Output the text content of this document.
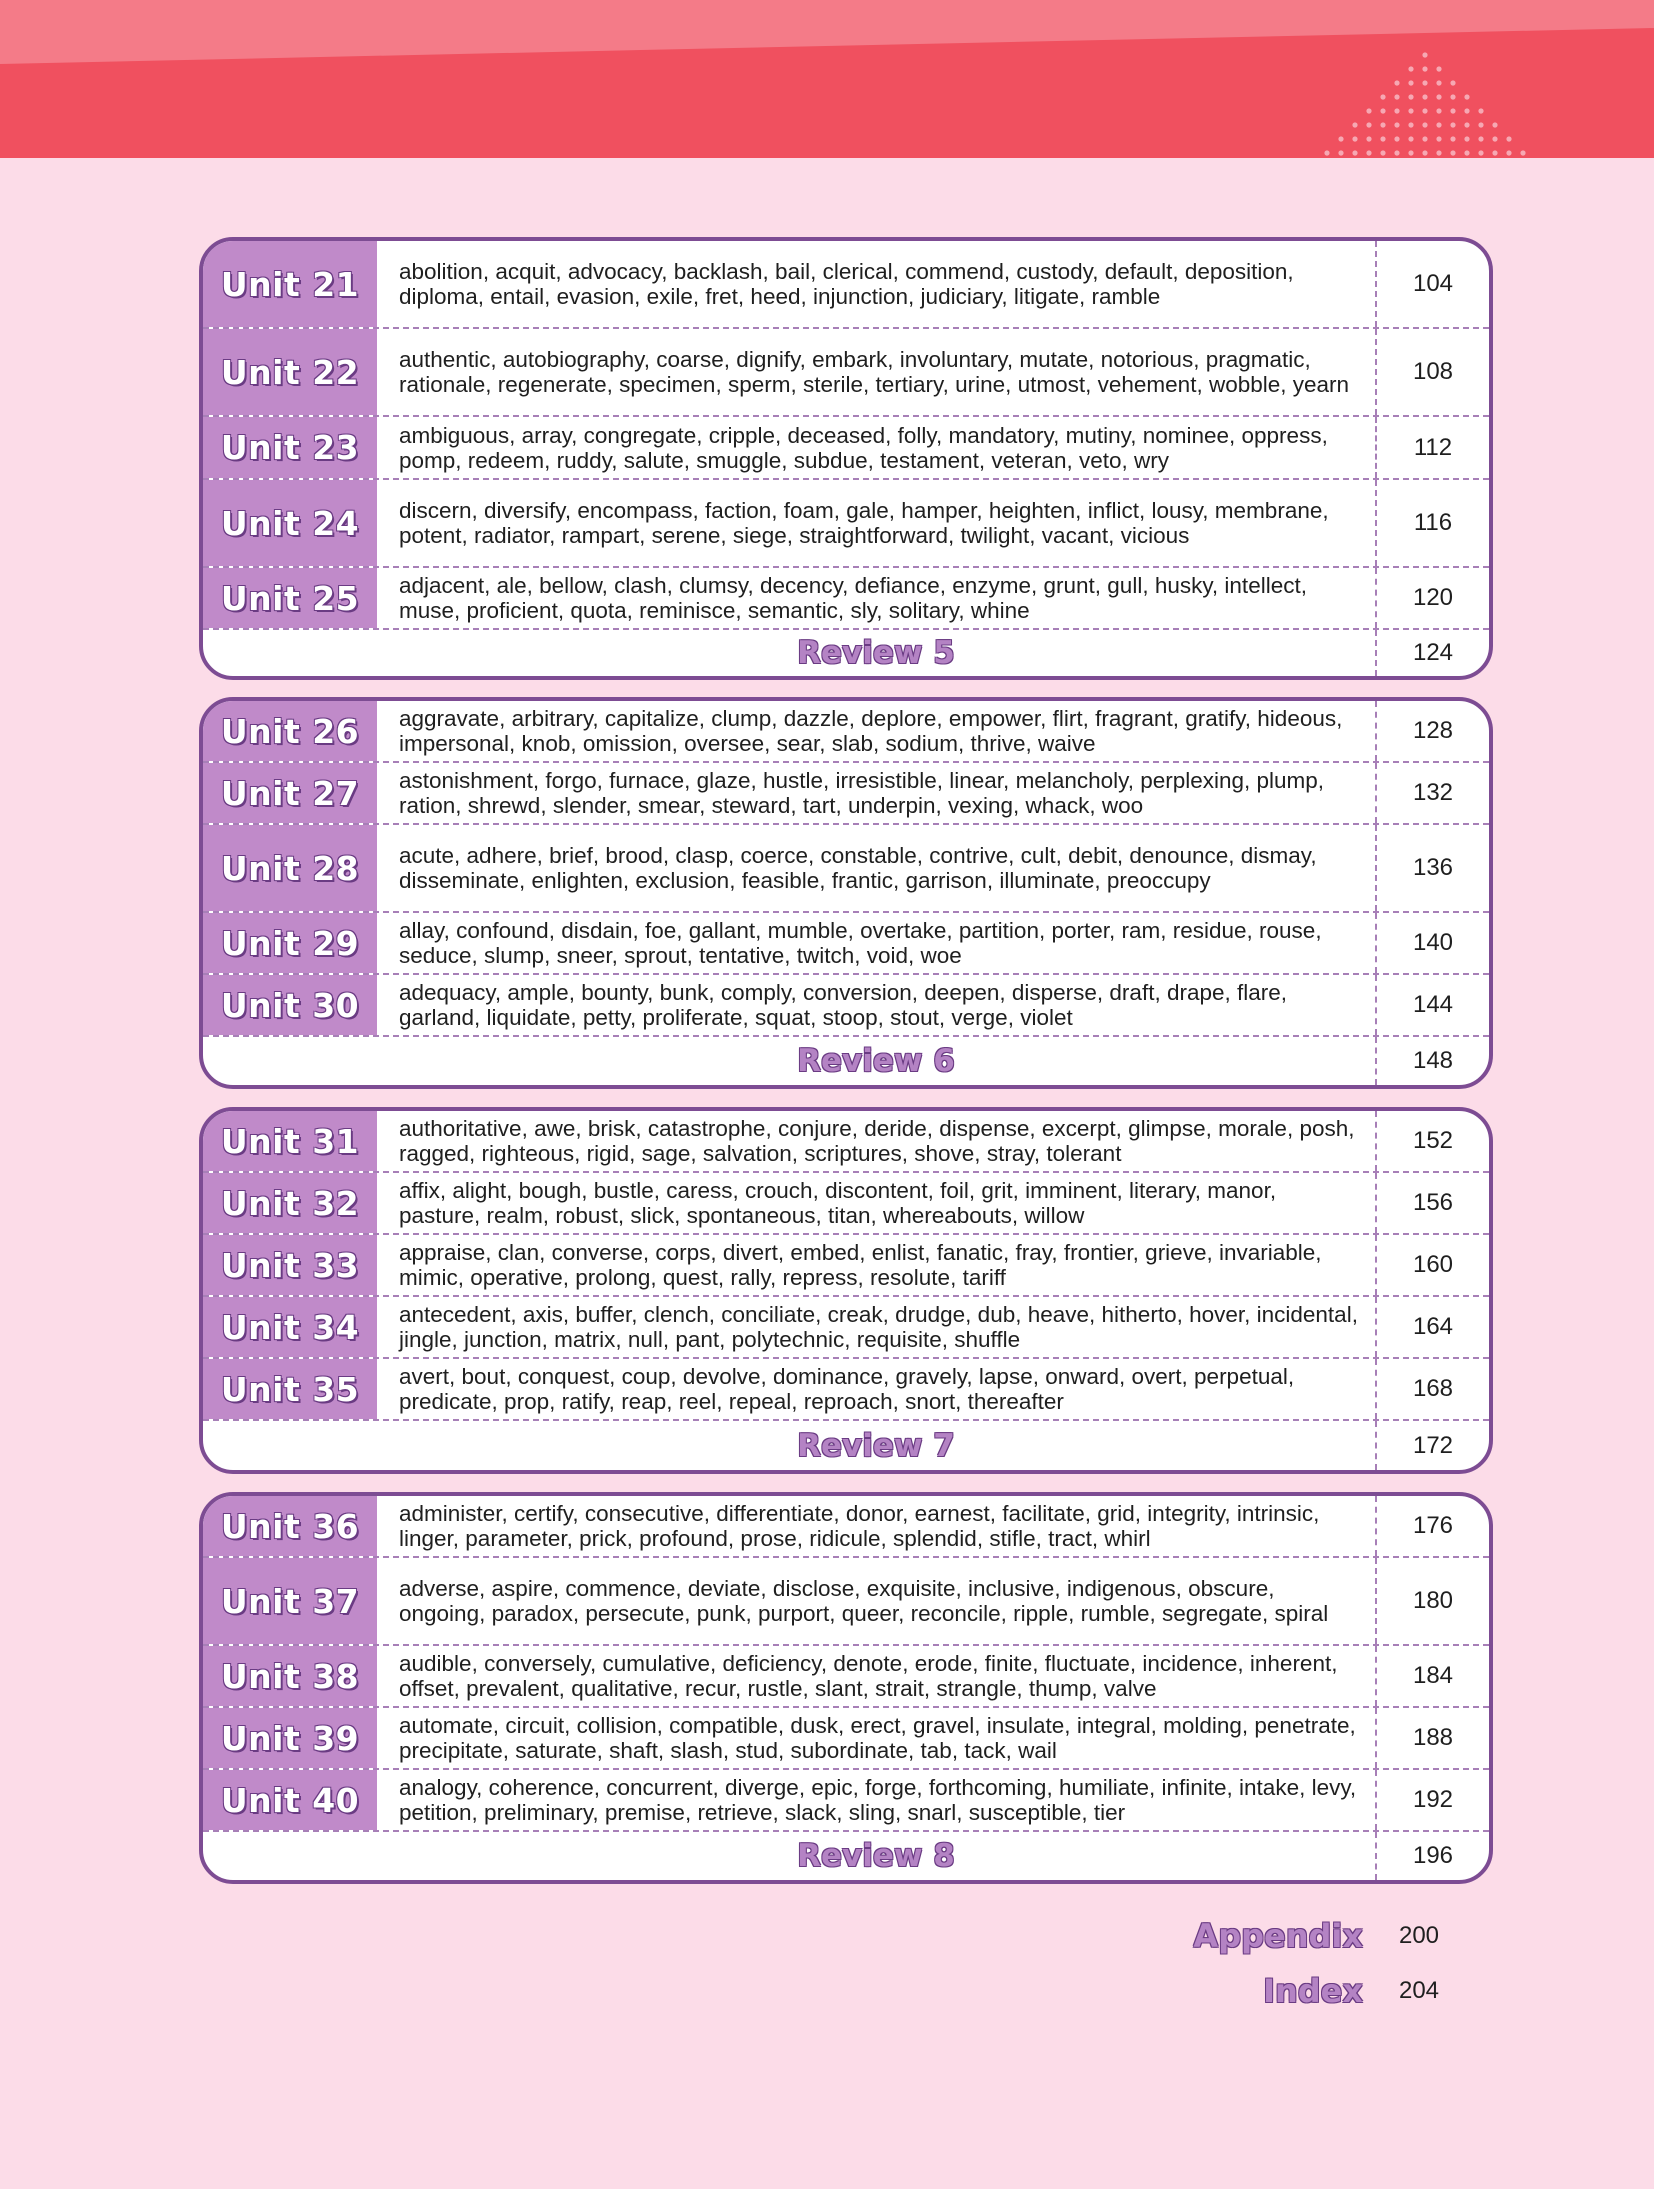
Unit 21	abolition, acquit, advocacy, backlash, bail, clerical, commend, custody, default, deposition, diploma, entail, evasion, exile, fret, heed, injunction, judiciary, litigate, ramble	104
Unit 22	authentic, autobiography, coarse, dignify, embark, involuntary, mutate, notorious, pragmatic, rationale, regenerate, specimen, sperm, sterile, tertiary, urine, utmost, vehement, wobble, yearn	108
Unit 23	ambiguous, array, congregate, cripple, deceased, folly, mandatory, mutiny, nominee, oppress, pomp, redeem, ruddy, salute, smuggle, subdue, testament, veteran, veto, wry	112
Unit 24	discern, diversify, encompass, faction, foam, gale, hamper, heighten, inflict, lousy, membrane, potent, radiator, rampart, serene, siege, straightforward, twilight, vacant, vicious	116
Unit 25	adjacent, ale, bellow, clash, clumsy, decency, defiance, enzyme, grunt, gull, husky, intellect, muse, proficient, quota, reminisce, semantic, sly, solitary, whine	120
Review 5	124
Unit 26	aggravate, arbitrary, capitalize, clump, dazzle, deplore, empower, flirt, fragrant, gratify, hideous, impersonal, knob, omission, oversee, sear, slab, sodium, thrive, waive	128
Unit 27	astonishment, forgo, furnace, glaze, hustle, irresistible, linear, melancholy, perplexing, plump, ration, shrewd, slender, smear, steward, tart, underpin, vexing, whack, woo	132
Unit 28	acute, adhere, brief, brood, clasp, coerce, constable, contrive, cult, debit, denounce, dismay, disseminate, enlighten, exclusion, feasible, frantic, garrison, illuminate, preoccupy	136
Unit 29	allay, confound, disdain, foe, gallant, mumble, overtake, partition, porter, ram, residue, rouse, seduce, slump, sneer, sprout, tentative, twitch, void, woe	140
Unit 30	adequacy, ample, bounty, bunk, comply, conversion, deepen, disperse, draft, drape, flare, garland, liquidate, petty, proliferate, squat, stoop, stout, verge, violet	144
Review 6	148
Unit 31	authoritative, awe, brisk, catastrophe, conjure, deride, dispense, excerpt, glimpse, morale, posh, ragged, righteous, rigid, sage, salvation, scriptures, shove, stray, tolerant	152
Unit 32	affix, alight, bough, bustle, caress, crouch, discontent, foil, grit, imminent, literary, manor, pasture, realm, robust, slick, spontaneous, titan, whereabouts, willow	156
Unit 33	appraise, clan, converse, corps, divert, embed, enlist, fanatic, fray, frontier, grieve, invariable, mimic, operative, prolong, quest, rally, repress, resolute, tariff	160
Unit 34	antecedent, axis, buffer, clench, conciliate, creak, drudge, dub, heave, hitherto, hover, incidental, jingle, junction, matrix, null, pant, polytechnic, requisite, shuffle	164
Unit 35	avert, bout, conquest, coup, devolve, dominance, gravely, lapse, onward, overt, perpetual, predicate, prop, ratify, reap, reel, repeal, reproach, snort, thereafter	168
Review 7	172
Unit 36	administer, certify, consecutive, differentiate, donor, earnest, facilitate, grid, integrity, intrinsic, linger, parameter, prick, profound, prose, ridicule, splendid, stifle, tract, whirl	176
Unit 37	adverse, aspire, commence, deviate, disclose, exquisite, inclusive, indigenous, obscure, ongoing, paradox, persecute, punk, purport, queer, reconcile, ripple, rumble, segregate, spiral	180
Unit 38	audible, conversely, cumulative, deficiency, denote, erode, finite, fluctuate, incidence, inherent, offset, prevalent, qualitative, recur, rustle, slant, strait, strangle, thump, valve	184
Unit 39	automate, circuit, collision, compatible, dusk, erect, gravel, insulate, integral, molding, penetrate, precipitate, saturate, shaft, slash, stud, subordinate, tab, tack, wail	188
Unit 40	analogy, coherence, concurrent, diverge, epic, forge, forthcoming, humiliate, infinite, intake, levy, petition, preliminary, premise, retrieve, slack, sling, snarl, susceptible, tier	192
Review 8	196
Appendix	200
Index	204
